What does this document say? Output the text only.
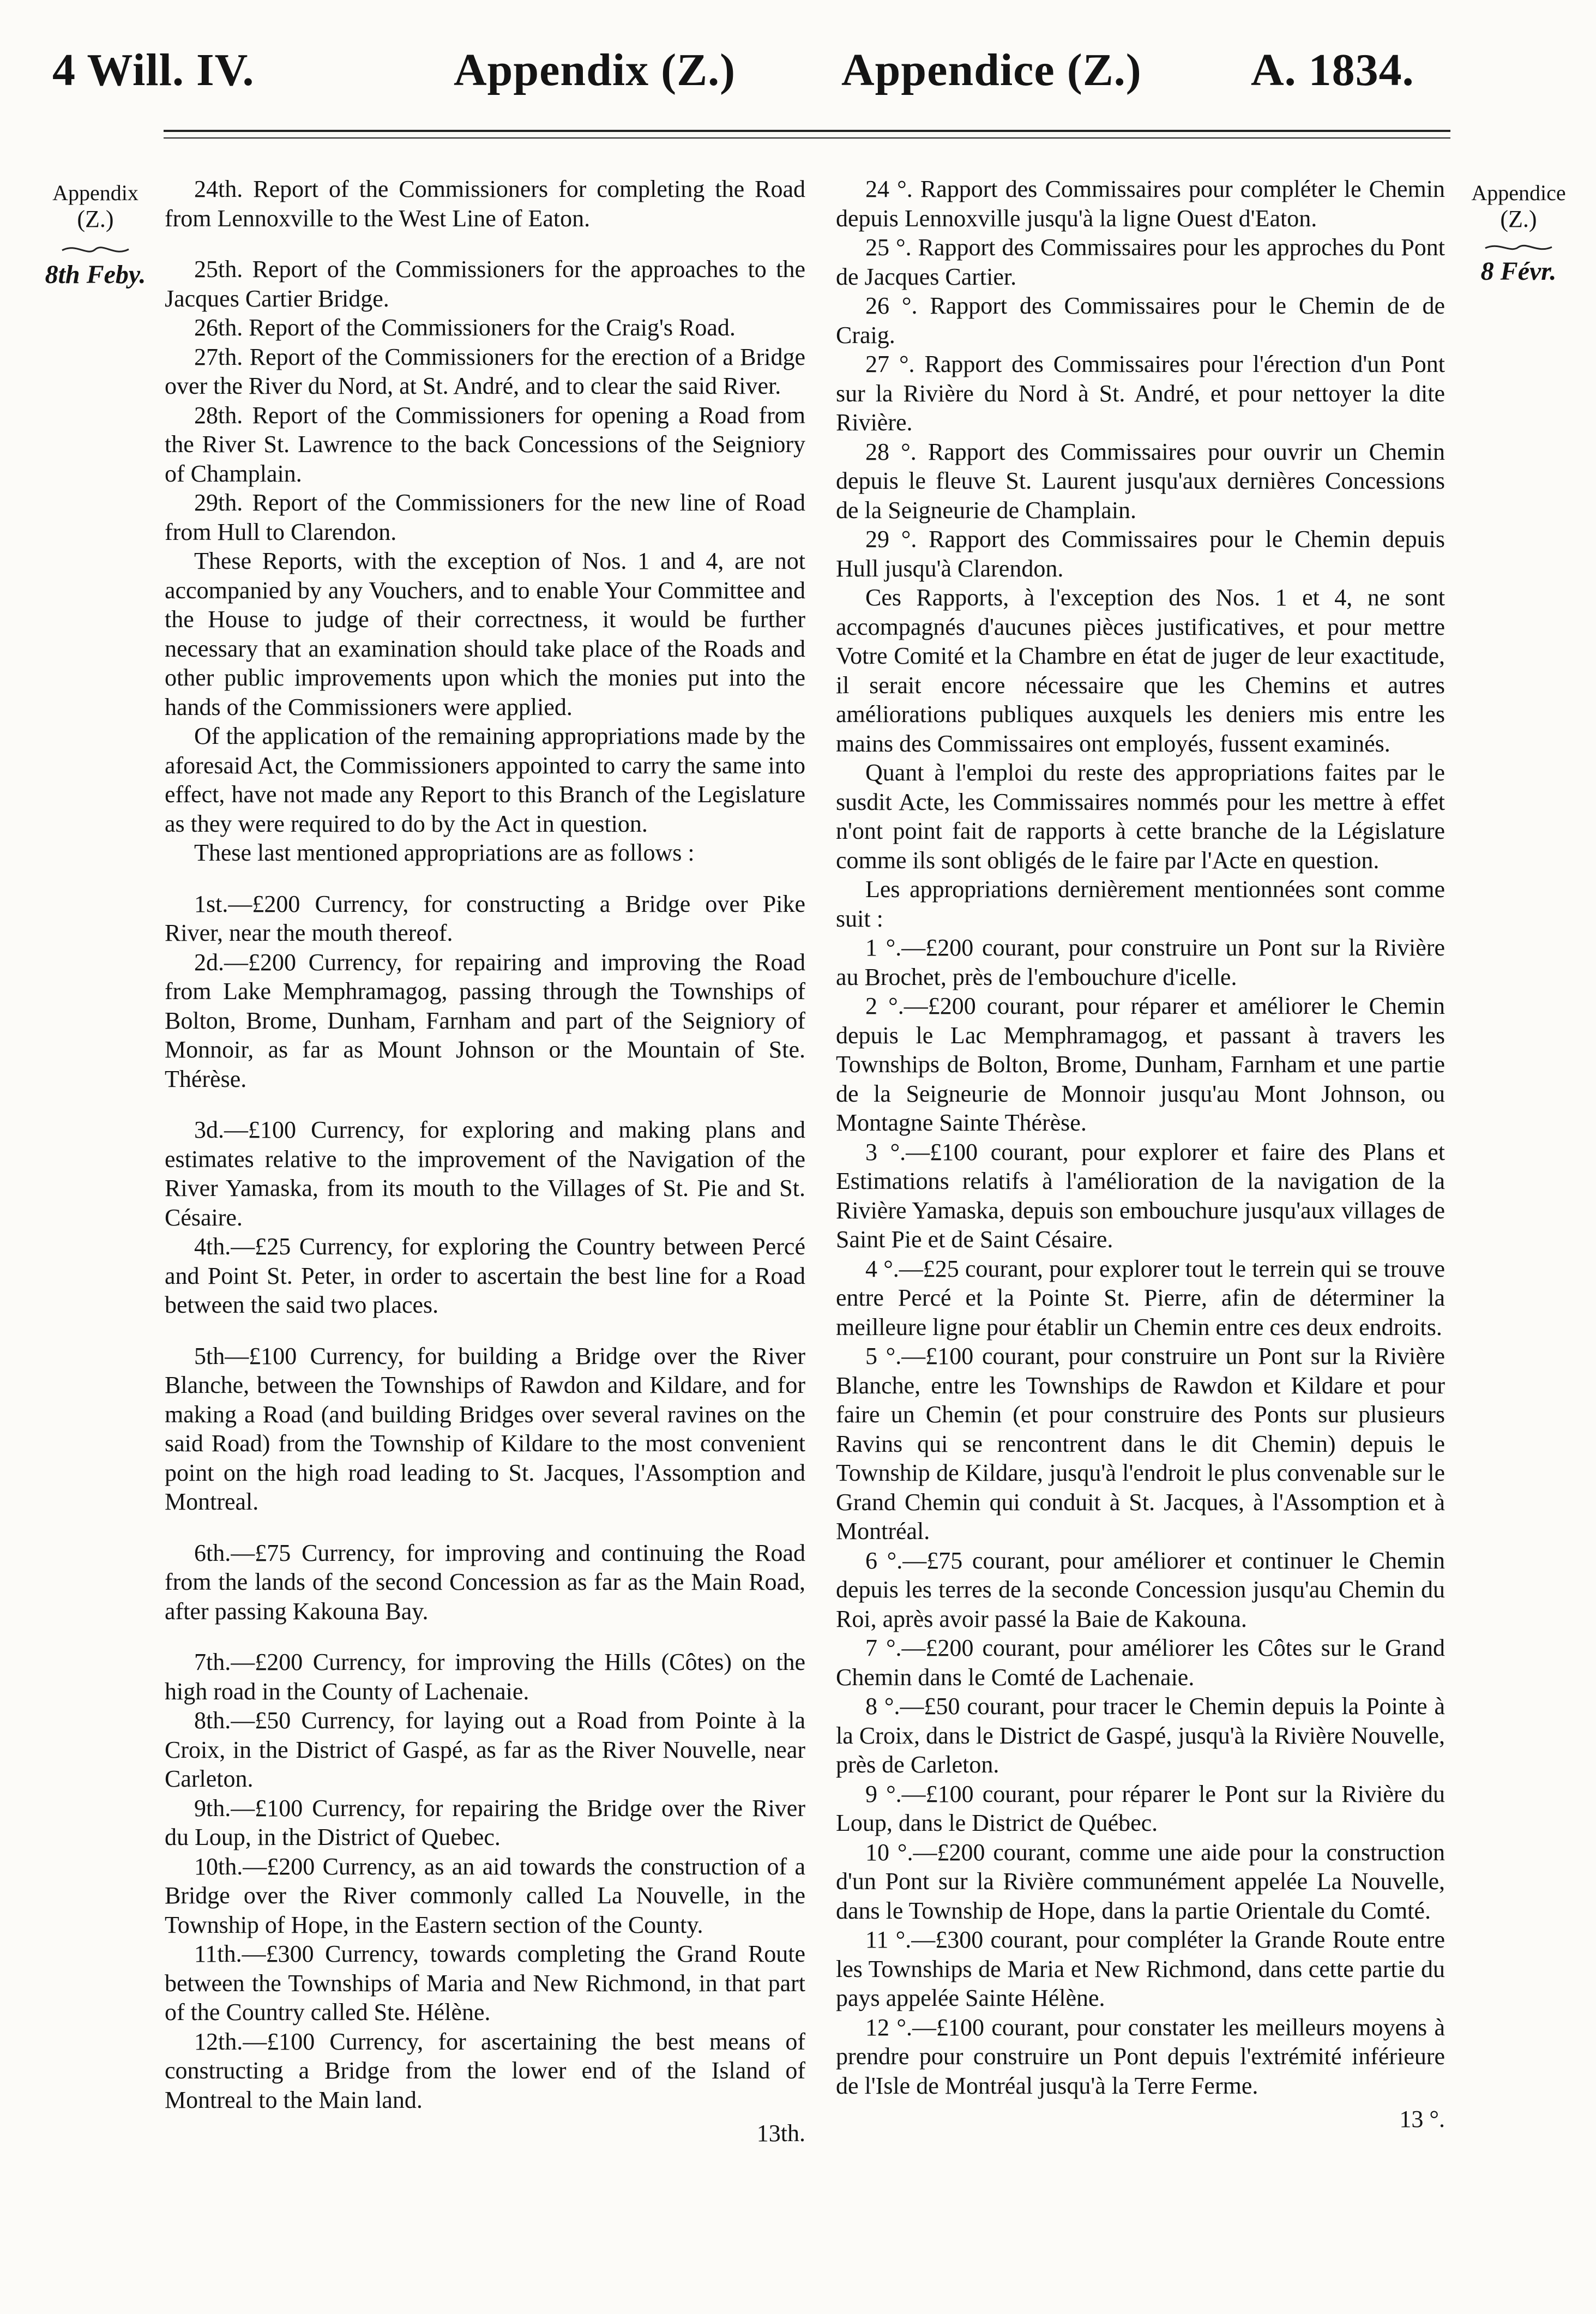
4 Will. IV.	Appendix (Z.) Appendice (Z.) A. 1834.
Appendix
(Z.)
8th Feby.
Appendice
(Z.)
8 Févr.

24th. Report of the Commissioners for completing the Road from Lennoxville to the West Line of Eaton.

25th. Report of the Commissioners for the approaches to the Jacques Cartier Bridge.

26th. Report of the Commissioners for the Craig's Road.

27th. Report of the Commissioners for the erection of a Bridge over the River du Nord, at St. André, and to clear the said River.

28th. Report of the Commissioners for opening a Road from the River St. Lawrence to the back Concessions of the Seigniory of Champlain.

29th. Report of the Commissioners for the new line of Road from Hull to Clarendon.

These Reports, with the exception of Nos. 1 and 4, are not accompanied by any Vouchers, and to enable Your Committee and the House to judge of their correctness, it would be further necessary that an examination should take place of the Roads and other public improvements upon which the monies put into the hands of the Commissioners were applied.

Of the application of the remaining appropriations made by the aforesaid Act, the Commissioners appointed to carry the same into effect, have not made any Report to this Branch of the Legislature as they were required to do by the Act in question.

These last mentioned appropriations are as follows :

1st.—£200 Currency, for constructing a Bridge over Pike River, near the mouth thereof.

2d.—£200 Currency, for repairing and improving the Road from Lake Memphramagog, passing through the Townships of Bolton, Brome, Dunham, Farnham and part of the Seigniory of Monnoir, as far as Mount Johnson or the Mountain of Ste. Thérèse.

3d.—£100 Currency, for exploring and making plans and estimates relative to the improvement of the Navigation of the River Yamaska, from its mouth to the Villages of St. Pie and St. Césaire.

4th.—£25 Currency, for exploring the Country between Percé and Point St. Peter, in order to ascertain the best line for a Road between the said two places.

5th—£100 Currency, for building a Bridge over the River Blanche, between the Townships of Rawdon and Kildare, and for making a Road (and building Bridges over several ravines on the said Road) from the Township of Kildare to the most convenient point on the high road leading to St. Jacques, l'Assomption and Montreal.

6th.—£75 Currency, for improving and continuing the Road from the lands of the second Concession as far as the Main Road, after passing Kakouna Bay.

7th.—£200 Currency, for improving the Hills (Côtes) on the high road in the County of Lachenaie.

8th.—£50 Currency, for laying out a Road from Pointe à la Croix, in the District of Gaspé, as far as the River Nouvelle, near Carleton.

9th.—£100 Currency, for repairing the Bridge over the River du Loup, in the District of Quebec.

10th.—£200 Currency, as an aid towards the construction of a Bridge over the River commonly called La Nouvelle, in the Township of Hope, in the Eastern section of the County.

11th.—£300 Currency, towards completing the Grand Route between the Townships of Maria and New Richmond, in that part of the Country called Ste. Hélène.

12th.—£100 Currency, for ascertaining the best means of constructing a Bridge from the lower end of the Island of Montreal to the Main land.

13th.

24 °. Rapport des Commissaires pour compléter le Chemin depuis Lennoxville jusqu'à la ligne Ouest d'Eaton.

25 °. Rapport des Commissaires pour les approches du Pont de Jacques Cartier.

26 °. Rapport des Commissaires pour le Chemin de de Craig.

27 °. Rapport des Commissaires pour l'érection d'un Pont sur la Rivière du Nord à St. André, et pour nettoyer la dite Rivière.

28 °. Rapport des Commissaires pour ouvrir un Chemin depuis le fleuve St. Laurent jusqu'aux dernières Concessions de la Seigneurie de Champlain.

29 °. Rapport des Commissaires pour le Chemin depuis Hull jusqu'à Clarendon.

Ces Rapports, à l'exception des Nos. 1 et 4, ne sont accompagnés d'aucunes pièces justificatives, et pour mettre Votre Comité et la Chambre en état de juger de leur exactitude, il serait encore nécessaire que les Chemins et autres améliorations publiques auxquels les deniers mis entre les mains des Commissaires ont employés, fussent examinés.

Quant à l'emploi du reste des appropriations faites par le susdit Acte, les Commissaires nommés pour les mettre à effet n'ont point fait de rapports à cette branche de la Législature comme ils sont obligés de le faire par l'Acte en question.

Les appropriations dernièrement mentionnées sont comme suit :

1 °.—£200 courant, pour construire un Pont sur la Rivière au Brochet, près de l'embouchure d'icelle.

2 °.—£200 courant, pour réparer et améliorer le Chemin depuis le Lac Memphramagog, et passant à travers les Townships de Bolton, Brome, Dunham, Farnham et une partie de la Seigneurie de Monnoir jusqu'au Mont Johnson, ou Montagne Sainte Thérèse.

3 °.—£100 courant, pour explorer et faire des Plans et Estimations relatifs à l'amélioration de la navigation de la Rivière Yamaska, depuis son embouchure jusqu'aux villages de Saint Pie et de Saint Césaire.

4 °.—£25 courant, pour explorer tout le terrein qui se trouve entre Percé et la Pointe St. Pierre, afin de déterminer la meilleure ligne pour établir un Chemin entre ces deux endroits.

5 °.—£100 courant, pour construire un Pont sur la Rivière Blanche, entre les Townships de Rawdon et Kildare et pour faire un Chemin (et pour construire des Ponts sur plusieurs Ravins qui se rencontrent dans le dit Chemin) depuis le Township de Kildare, jusqu'à l'endroit le plus convenable sur le Grand Chemin qui conduit à St. Jacques, à l'Assomption et à Montréal.

6 °.—£75 courant, pour améliorer et continuer le Chemin depuis les terres de la seconde Concession jusqu'au Chemin du Roi, après avoir passé la Baie de Kakouna.

7 °.—£200 courant, pour améliorer les Côtes sur le Grand Chemin dans le Comté de Lachenaie.

8 °.—£50 courant, pour tracer le Chemin depuis la Pointe à la Croix, dans le District de Gaspé, jusqu'à la Rivière Nouvelle, près de Carleton.

9 °.—£100 courant, pour réparer le Pont sur la Rivière du Loup, dans le District de Québec.

10 °.—£200 courant, comme une aide pour la construction d'un Pont sur la Rivière communément appelée La Nouvelle, dans le Township de Hope, dans la partie Orientale du Comté.

11 °.—£300 courant, pour compléter la Grande Route entre les Townships de Maria et New Richmond, dans cette partie du pays appelée Sainte Hélène.

12 °.—£100 courant, pour constater les meilleurs moyens à prendre pour construire un Pont depuis l'extrémité inférieure de l'Isle de Montréal jusqu'à la Terre Ferme.

13 °.
